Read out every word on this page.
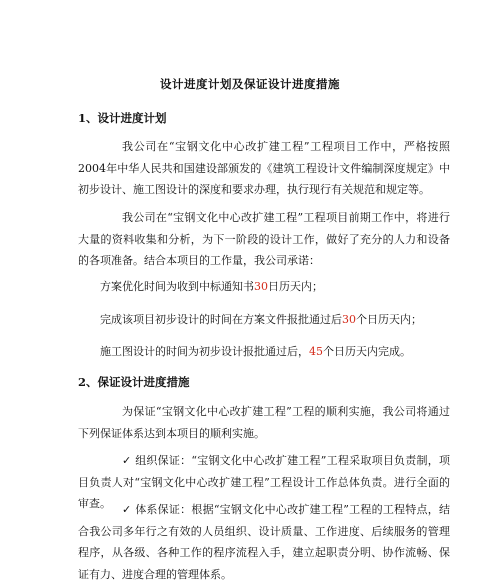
设计进度计划及保证设计进度措施
1、设计进度计划

我公司在“宝钢文化中心改扩建工程”工程项目工作中，严格按照2004年中华人民共和国建设部颁发的《建筑工程设计文件编制深度规定》中初步设计、施工图设计的深度和要求办理，执行现行有关规范和规定等。

我公司在“宝钢文化中心改扩建工程”工程项目前期工作中，将进行大量的资料收集和分析，为下一阶段的设计工作，做好了充分的人力和设备的各项准备。结合本项目的工作量，我公司承诺：

方案优化时间为收到中标通知书30日历天内；
完成该项目初步设计的时间在方案文件报批通过后30个日历天内；
施工图设计的时间为初步设计报批通过后，45个日历天内完成。
2、保证设计进度措施

为保证“宝钢文化中心改扩建工程”工程的顺利实施，我公司将通过下列保证体系达到本项目的顺利实施。

✓ 组织保证：“宝钢文化中心改扩建工程”工程采取项目负责制，项目负责人对“宝钢文化中心改扩建工程”工程设计工作总体负责。进行全面的审查。	✓ 体系保证：根据“宝钢文化中心改扩建工程”工程的工程特点，结合我公司多年行之有效的人员组织、设计质量、工作进度、后续服务的管理程序，从各级、各种工作的程序流程入手，建立起职责分明、协作流畅、保证有力、进度合理的管理体系。
